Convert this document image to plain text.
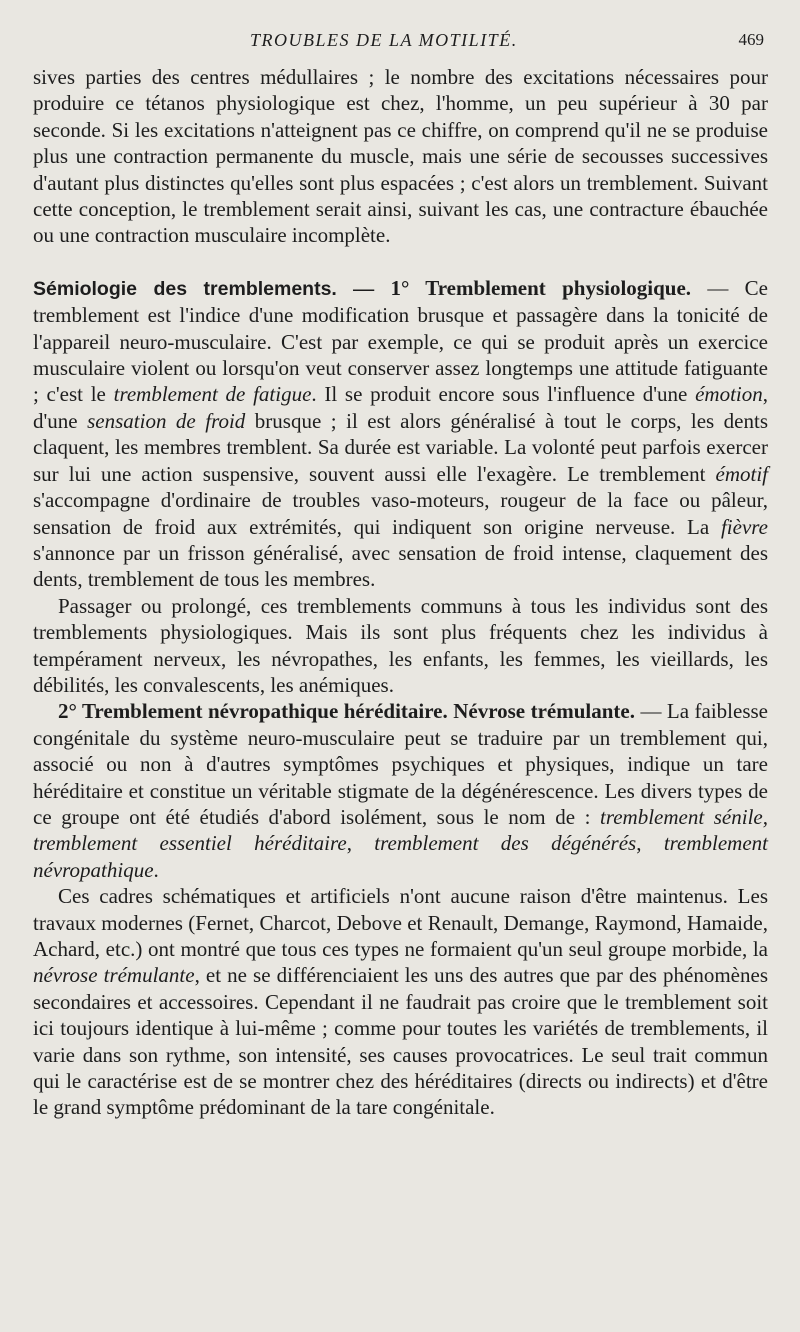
TROUBLES DE LA MOTILITÉ.	469

sives parties des centres médullaires ; le nombre des excitations nécessaires pour produire ce tétanos physiologique est chez, l'homme, un peu supérieur à 30 par seconde. Si les excitations n'atteignent pas ce chiffre, on comprend qu'il ne se produise plus une contraction permanente du muscle, mais une série de secousses successives d'autant plus distinctes qu'elles sont plus espacées ; c'est alors un tremblement. Suivant cette conception, le tremblement serait ainsi, suivant les cas, une contracture ébauchée ou une contraction musculaire incomplète.

Sémiologie des tremblements. — 1° Tremblement physiologique. — Ce tremblement est l'indice d'une modification brusque et passagère dans la tonicité de l'appareil neuro-musculaire. C'est par exemple, ce qui se produit après un exercice musculaire violent ou lorsqu'on veut conserver assez longtemps une attitude fatiguante ; c'est le tremblement de fatigue. Il se produit encore sous l'influence d'une émotion, d'une sensation de froid brusque ; il est alors généralisé à tout le corps, les dents claquent, les membres tremblent. Sa durée est variable. La volonté peut parfois exercer sur lui une action suspensive, souvent aussi elle l'exagère. Le tremblement émotif s'accompagne d'ordinaire de troubles vaso-moteurs, rougeur de la face ou pâleur, sensation de froid aux extrémités, qui indiquent son origine nerveuse. La fièvre s'annonce par un frisson généralisé, avec sensation de froid intense, claquement des dents, tremblement de tous les membres.

Passager ou prolongé, ces tremblements communs à tous les individus sont des tremblements physiologiques. Mais ils sont plus fréquents chez les individus à tempérament nerveux, les névropathes, les enfants, les femmes, les vieillards, les débilités, les convalescents, les anémiques.

2° Tremblement névropathique héréditaire. Névrose trémulante. — La faiblesse congénitale du système neuro-musculaire peut se traduire par un tremblement qui, associé ou non à d'autres symptômes psychiques et physiques, indique un tare héréditaire et constitue un véritable stigmate de la dégénérescence. Les divers types de ce groupe ont été étudiés d'abord isolément, sous le nom de : tremblement sénile, tremblement essentiel héréditaire, tremblement des dégénérés, tremblement névropathique.

Ces cadres schématiques et artificiels n'ont aucune raison d'être maintenus. Les travaux modernes (Fernet, Charcot, Debove et Renault, Demange, Raymond, Hamaide, Achard, etc.) ont montré que tous ces types ne formaient qu'un seul groupe morbide, la névrose trémulante, et ne se différenciaient les uns des autres que par des phénomènes secondaires et accessoires. Cependant il ne faudrait pas croire que le tremblement soit ici toujours identique à lui-même ; comme pour toutes les variétés de tremblements, il varie dans son rythme, son intensité, ses causes provocatrices. Le seul trait commun qui le caractérise est de se montrer chez des héréditaires (directs ou indirects) et d'être le grand symptôme prédominant de la tare congénitale.
